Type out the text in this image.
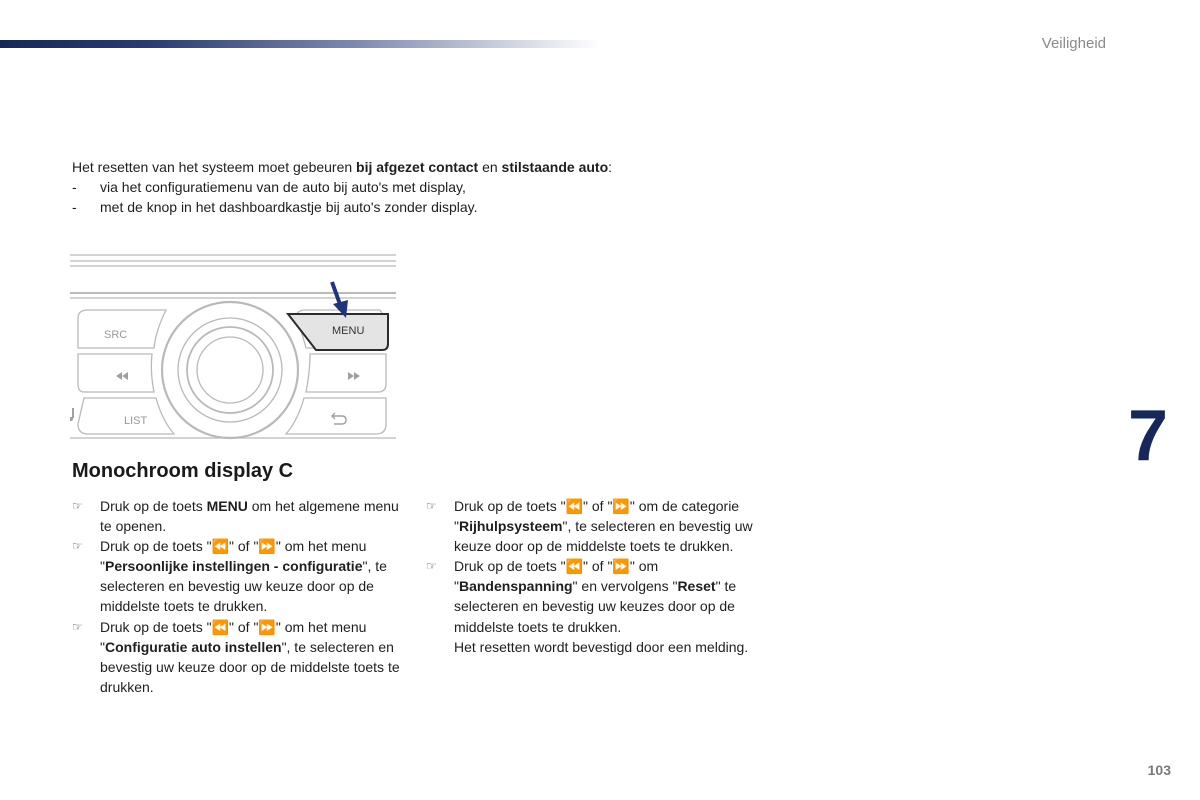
Veiligheid

Het resetten van het systeem moet gebeuren bij afgezet contact en stilstaande auto:

-	via het configuratiemenu van de auto bij auto's met display,
-	met de knop in het dashboardkastje bij auto's zonder display.
MENU
SRC
LIST	7
Monochroom display C

☞ Druk op de toets MENU om het algemene menu te openen.

☞ Druk op de toets "⏪" of "⏩" om het menu "Persoonlijke instellingen - configuratie", te selecteren en bevestig uw keuze door op de middelste toets te drukken.

☞ Druk op de toets "⏪" of "⏩" om het menu "Configuratie auto instellen", te selecteren en bevestig uw keuze door op de middelste toets te drukken.

☞ Druk op de toets "⏪" of "⏩" om de categorie "Rijhulpsysteem", te selecteren en bevestig uw keuze door op de middelste toets te drukken.

☞ Druk op de toets "⏪" of "⏩" om "Bandenspanning" en vervolgens "Reset" te selecteren en bevestig uw keuzes door op de middelste toets te drukken.
Het resetten wordt bevestigd door een melding.

103
